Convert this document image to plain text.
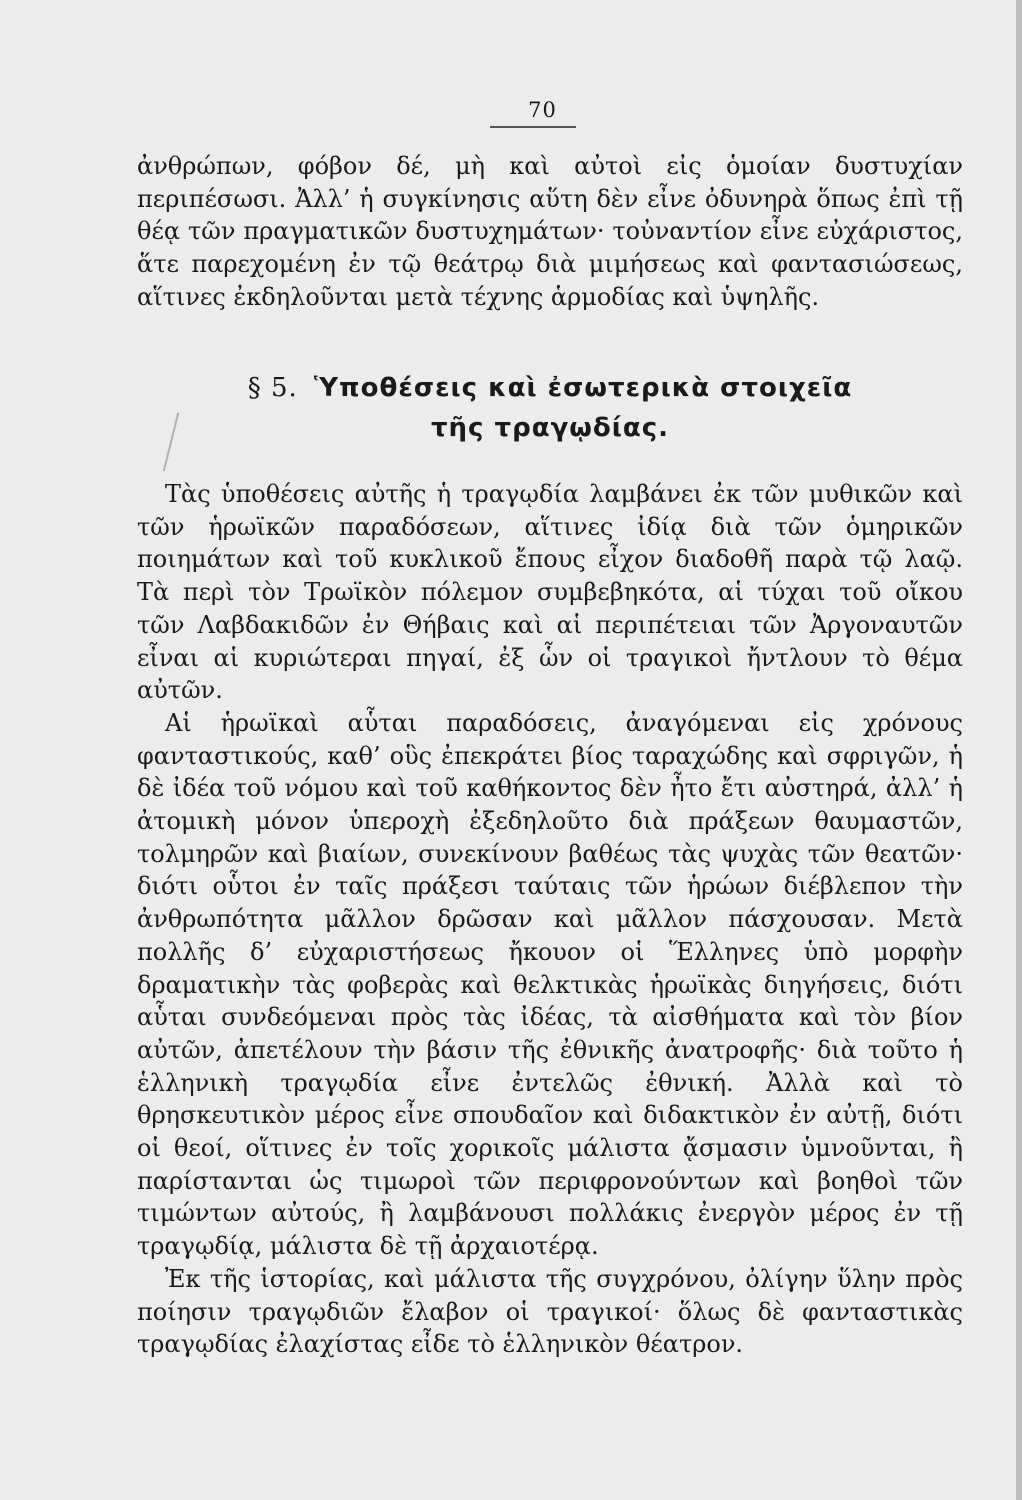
70
ἀνθρώπων, φόβον δέ, μὴ καὶ αὐτοὶ εἰς ὁμοίαν δυστυχίαν περιπέσωσι. Ἀλλ’ ἡ συγκίνησις αὕτη δὲν εἶνε ὀδυνηρὰ ὅπως ἐπὶ τῇ θέᾳ τῶν πραγματικῶν δυστυχημάτων· τοὐναντίον εἶνε εὐχάριστος, ἅτε παρεχομένη ἐν τῷ θεάτρῳ διὰ μιμήσεως καὶ φαντασιώσεως, αἵτινες ἐκδηλοῦνται μετὰ τέχνης ἁρμοδίας καὶ ὑψηλῆς.
§ 5. Ὑποθέσεις καὶ ἐσωτερικὰ στοιχεῖα
τῆς τραγῳδίας.

Τὰς ὑποθέσεις αὐτῆς ἡ τραγῳδία λαμβάνει ἐκ τῶν μυθικῶν καὶ τῶν ἡρωϊκῶν παραδόσεων, αἵτινες ἰδίᾳ διὰ τῶν ὁμηρικῶν ποιημάτων καὶ τοῦ κυκλικοῦ ἔπους εἶχον διαδοθῆ παρὰ τῷ λαῷ. Τὰ περὶ τὸν Τρωϊκὸν πόλεμον συμβεβηκότα, αἱ τύχαι τοῦ οἴκου τῶν Λαβδακιδῶν ἐν Θήβαις καὶ αἱ περιπέτειαι τῶν Ἀργοναυτῶν εἶναι αἱ κυριώτεραι πηγαί, ἐξ ὧν οἱ τραγικοὶ ἤντλουν τὸ θέμα αὐτῶν.

Αἱ ἡρωϊκαὶ αὗται παραδόσεις, ἀναγόμεναι εἰς χρόνους φανταστικούς, καθ’ οὓς ἐπεκράτει βίος ταραχώδης καὶ σφριγῶν, ἡ δὲ ἰδέα τοῦ νόμου καὶ τοῦ καθήκοντος δὲν ἦτο ἔτι αὐστηρά, ἀλλ’ ἡ ἀτομικὴ μόνον ὑπεροχὴ ἐξεδηλοῦτο διὰ πράξεων θαυμαστῶν, τολμηρῶν καὶ βιαίων, συνεκίνουν βαθέως τὰς ψυχὰς τῶν θεατῶν· διότι οὗτοι ἐν ταῖς πράξεσι ταύταις τῶν ἡρώων διέβλεπον τὴν ἀνθρωπότητα μᾶλλον δρῶσαν καὶ μᾶλλον πάσχουσαν. Μετὰ πολλῆς δ’ εὐχαριστήσεως ἤκουον οἱ Ἕλληνες ὑπὸ μορφὴν δραματικὴν τὰς φοβερὰς καὶ θελκτικὰς ἡρωϊκὰς διηγήσεις, διότι αὗται συνδεόμεναι πρὸς τὰς ἰδέας, τὰ αἰσθήματα καὶ τὸν βίον αὐτῶν, ἀπετέλουν τὴν βάσιν τῆς ἐθνικῆς ἀνατροφῆς· διὰ τοῦτο ἡ ἑλληνικὴ τραγῳδία εἶνε ἐντελῶς ἐθνική. Ἀλλὰ καὶ τὸ θρησκευτικὸν μέρος εἶνε σπουδαῖον καὶ διδακτικὸν ἐν αὐτῇ, διότι οἱ θεοί, οἵτινες ἐν τοῖς χορικοῖς μάλιστα ᾄσμασιν ὑμνοῦνται, ἢ παρίστανται ὡς τιμωροὶ τῶν περιφρονούντων καὶ βοηθοὶ τῶν τιμώντων αὐτούς, ἢ λαμβάνουσι πολλάκις ἐνεργὸν μέρος ἐν τῇ τραγῳδίᾳ, μάλιστα δὲ τῇ ἀρχαιοτέρᾳ.

Ἐκ τῆς ἱστορίας, καὶ μάλιστα τῆς συγχρόνου, ὀλίγην ὕλην πρὸς ποίησιν τραγῳδιῶν ἔλαβον οἱ τραγικοί· ὅλως δὲ φανταστικὰς τραγῳδίας ἐλαχίστας εἶδε τὸ ἑλληνικὸν θέατρον.
